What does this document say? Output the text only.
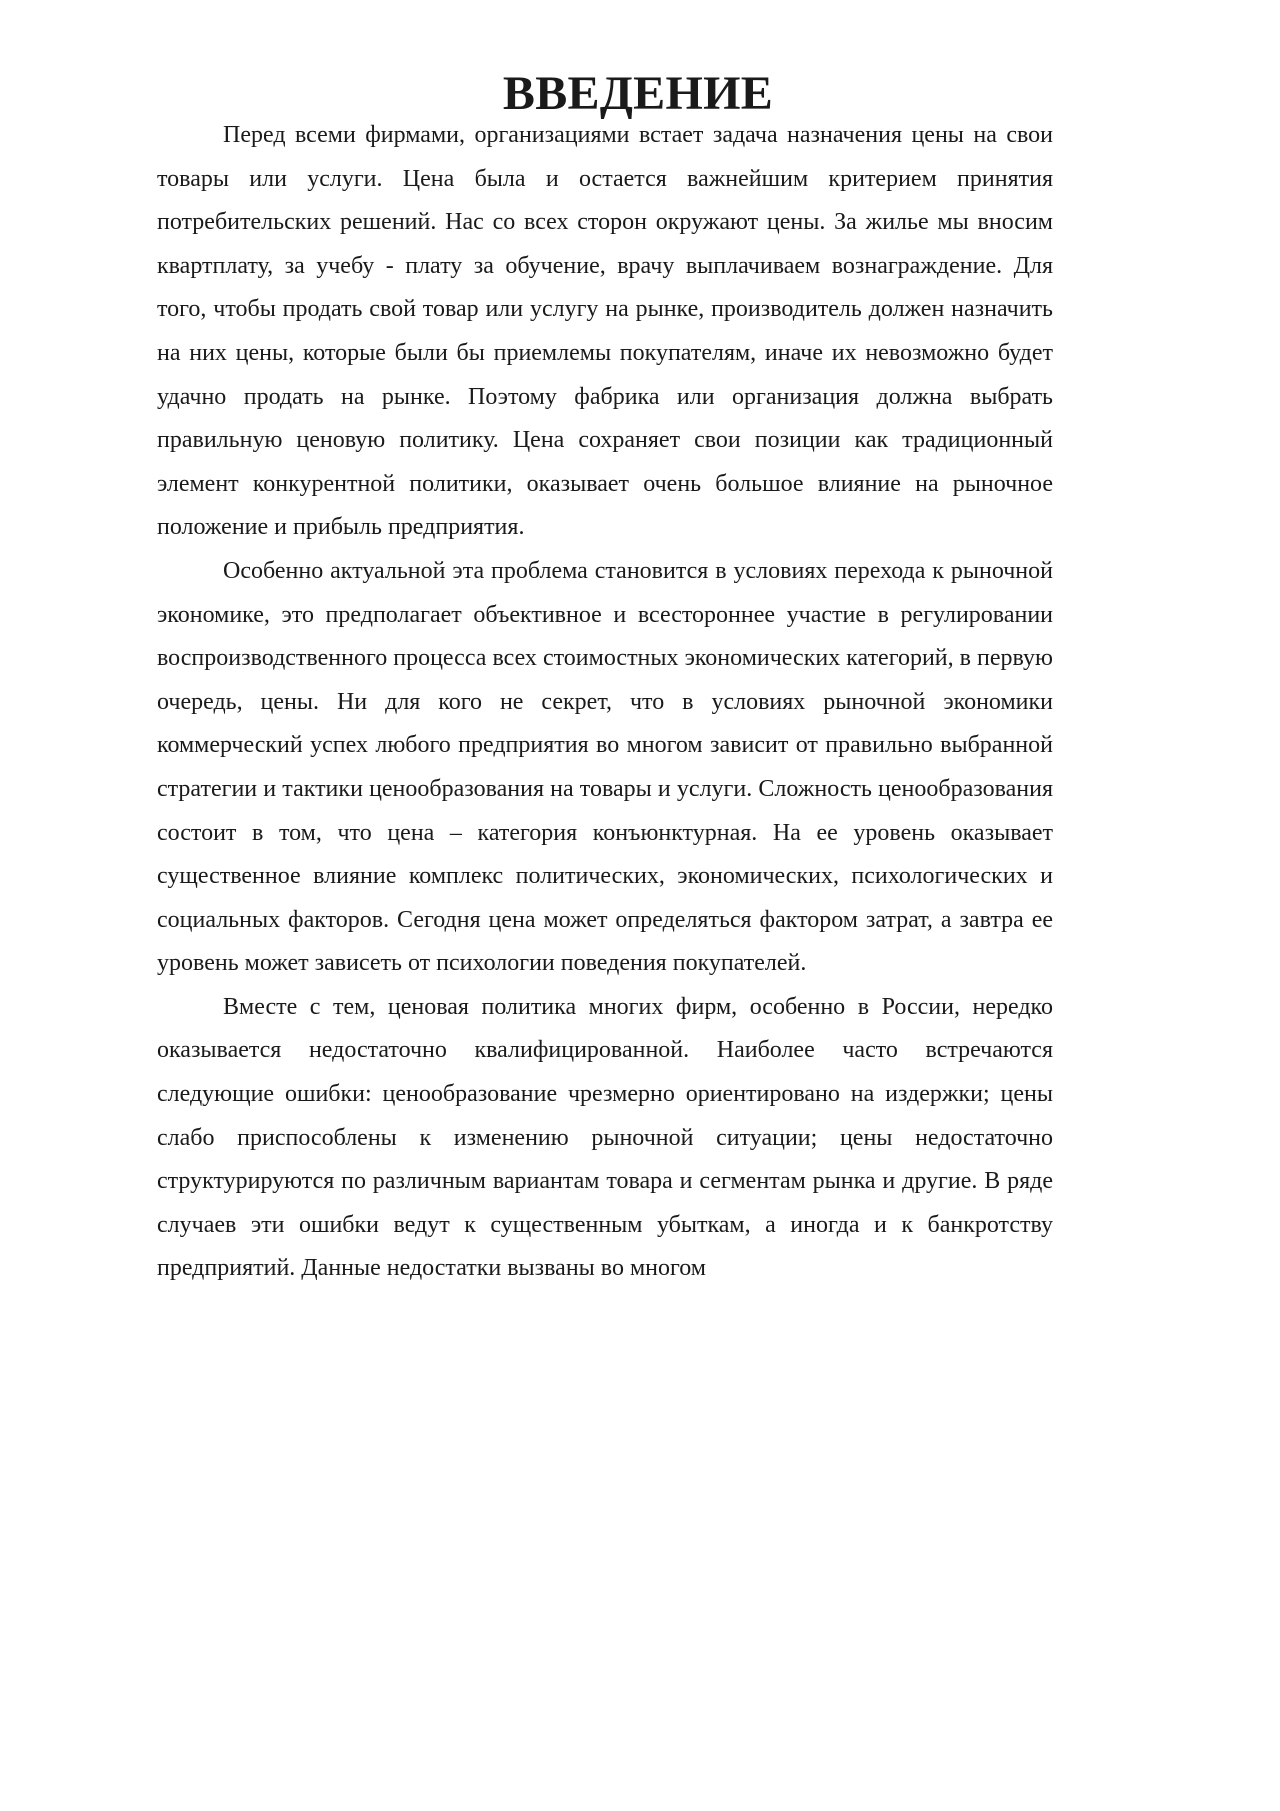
ВВЕДЕНИЕ

Перед всеми фирмами, организациями встает задача назначения цены на свои товары или услуги. Цена была и остается важнейшим критерием принятия потребительских решений. Нас со всех сторон окружают цены. За жилье мы вносим квартплату, за учебу - плату за обучение, врачу выплачиваем вознаграждение. Для того, чтобы продать свой товар или услугу на рынке, производитель должен назначить на них цены, которые были бы приемлемы покупателям, иначе их невозможно будет удачно продать на рынке. Поэтому фабрика или организация должна выбрать правильную ценовую политику. Цена сохраняет свои позиции как традиционный элемент конкурентной политики, оказывает очень большое влияние на рыночное положение и прибыль предприятия.

Особенно актуальной эта проблема становится в условиях перехода к рыночной экономике, это предполагает объективное и всестороннее участие в регулировании воспроизводственного процесса всех стоимостных экономических категорий, в первую очередь, цены. Ни для кого не секрет, что в условиях рыночной экономики коммерческий успех любого предприятия во многом зависит от правильно выбранной стратегии и тактики ценообразования на товары и услуги. Сложность ценообразования состоит в том, что цена – категория конъюнктурная. На ее уровень оказывает существенное влияние комплекс политических, экономических, психологических и социальных факторов. Сегодня цена может определяться фактором затрат, а завтра ее уровень может зависеть от психологии поведения покупателей.

Вместе с тем, ценовая политика многих фирм, особенно в России, нередко оказывается недостаточно квалифицированной. Наиболее часто встречаются следующие ошибки: ценообразование чрезмерно ориентировано на издержки; цены слабо приспособлены к изменению рыночной ситуации; цены недостаточно структурируются по различным вариантам товара и сегментам рынка и другие. В ряде случаев эти ошибки ведут к существенным убыткам, а иногда и к банкротству предприятий. Данные недостатки вызваны во многом
